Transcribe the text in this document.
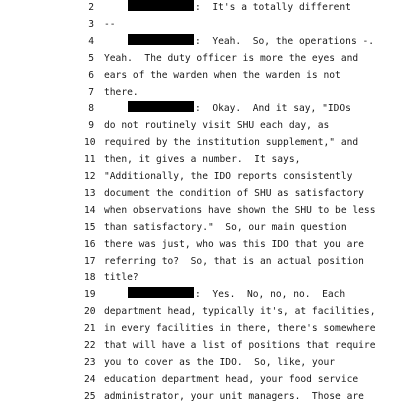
2	:  It's a totally different
3 --
4	:  Yeah.  So, the operations -.
5 Yeah.  The duty officer is more the eyes and
6 ears of the warden when the warden is not
7 there.
8	:  Okay.  And it say, "IDOs
9 do not routinely visit SHU each day, as
10 required by the institution supplement," and
11 then, it gives a number.  It says,
12 "Additionally, the IDO reports consistently
13 document the condition of SHU as satisfactory
14 when observations have shown the SHU to be less
15 than satisfactory."  So, our main question
16 there was just, who was this IDO that you are
17 referring to?  So, that is an actual position
18 title?
19	:  Yes.  No, no, no.  Each
20 department head, typically it's, at facilities,
21 in every facilities in there, there's somewhere
22 that will have a list of positions that require
23 you to cover as the IDO.  So, like, your
24 education department head, your food service
25 administrator, your unit managers.  Those are
